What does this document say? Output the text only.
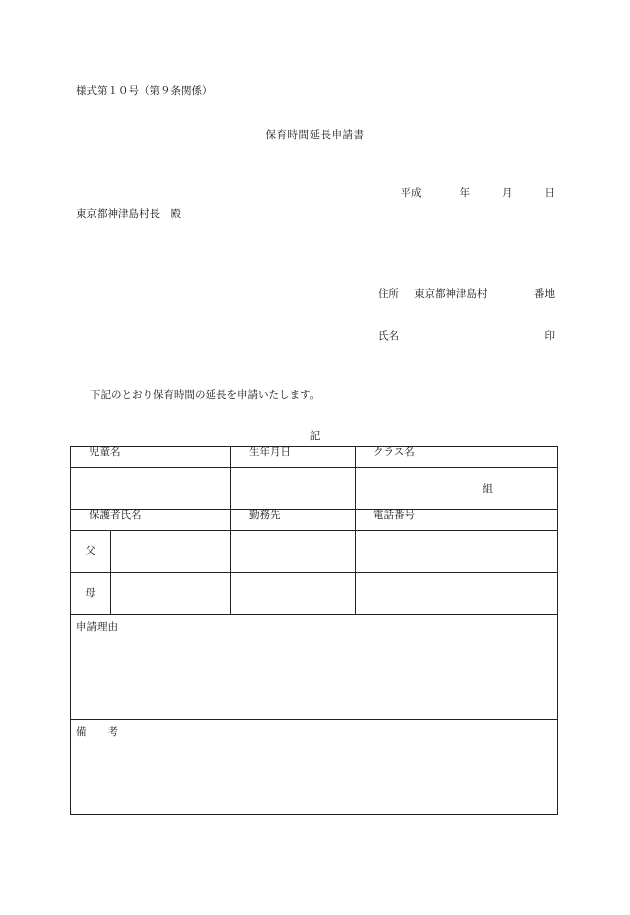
様式第１０号（第９条関係）
保育時間延長申請書
平成	年	月	日
東京都神津島村長　殿
住所 東京都神津島村	番地
氏名	印
下記のとおり保育時間の延長を申請いたします。
記
児童名		生年月日	クラス名

			組

保護者氏名		勤務先	電話番号
父			
母			
申請理由			
備　　考			
